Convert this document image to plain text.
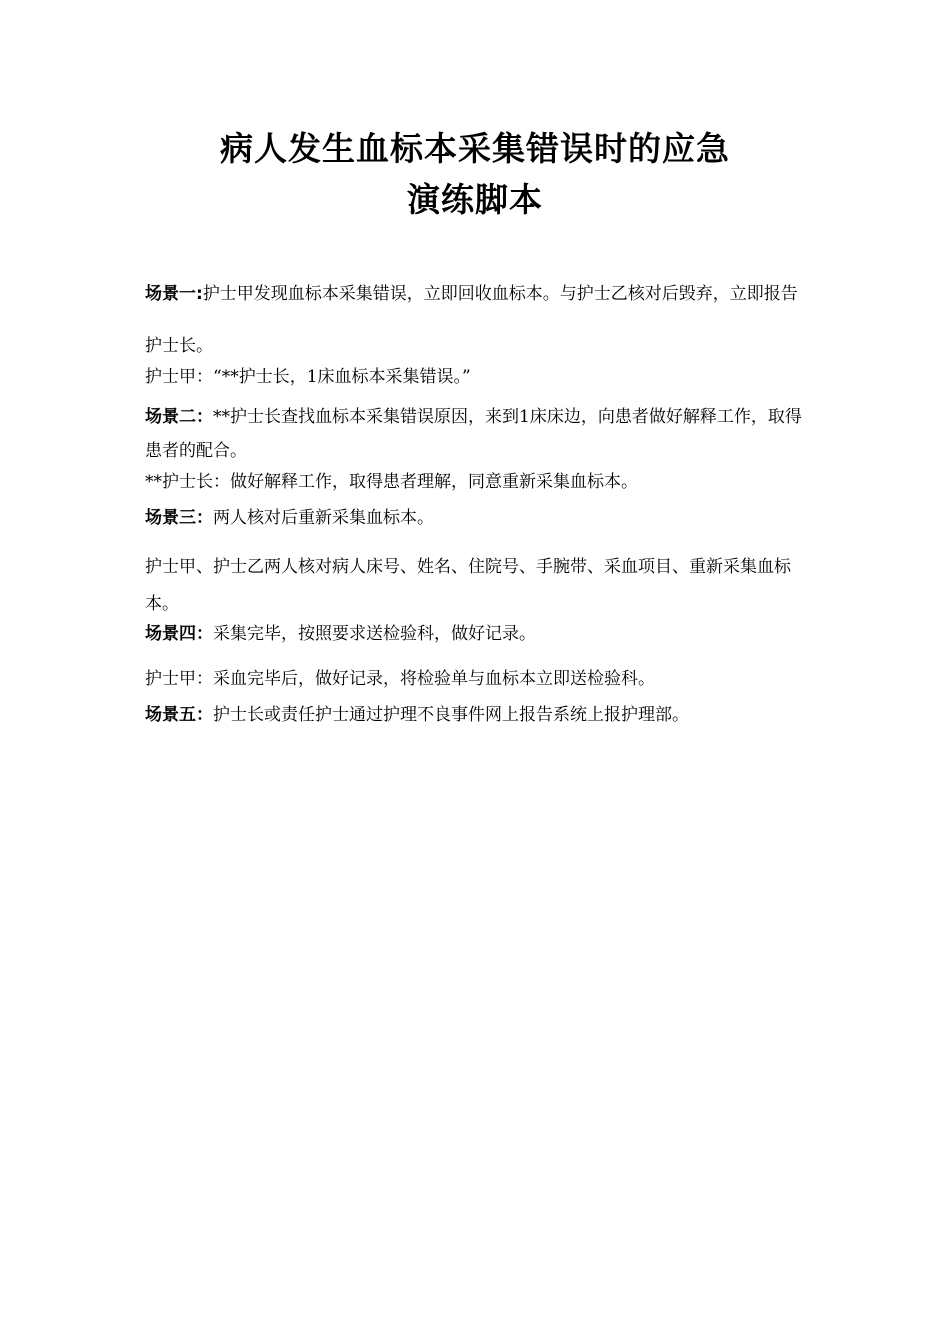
病人发生血标本采集错误时的应急
演练脚本
场景一:护士甲发现血标本采集错误，立即回收血标本。与护士乙核对后毁弃，立即报告护士长。
护士甲：“**护士长，1床血标本采集错误。”
场景二：**护士长查找血标本采集错误原因，来到1床床边，向患者做好解释工作，取得患者的配合。
**护士长：做好解释工作，取得患者理解，同意重新采集血标本。
场景三：两人核对后重新采集血标本。
护士甲、护士乙两人核对病人床号、姓名、住院号、手腕带、采血项目、重新采集血标本。
场景四：采集完毕，按照要求送检验科，做好记录。
护士甲：采血完毕后，做好记录，将检验单与血标本立即送检验科。
场景五：护士长或责任护士通过护理不良事件网上报告系统上报护理部。
